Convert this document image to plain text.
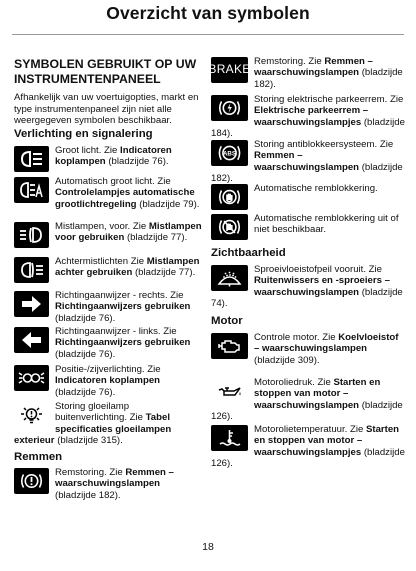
Overzicht van symbolen
SYMBOLEN GEBRUIKT OP UW
INSTRUMENTENPANEEL
Afhankelijk van uw voertuigopties, markt en type instrumentenpaneel zijn niet alle weergegeven symbolen beschikbaar.
Verlichting en signalering
Groot licht. Zie Indicatoren koplampen (bladzijde 76).
Automatisch groot licht. Zie Controlelampjes automatische grootlichtregeling (bladzijde 79).
Mistlampen, voor. Zie Mistlampen voor gebruiken (bladzijde 77).
Achtermistlichten Zie Mistlampen achter gebruiken (bladzijde 77).
Richtingaanwijzer - rechts. Zie Richtingaanwijzers gebruiken (bladzijde 76).
Richtingaanwijzer - links. Zie Richtingaanwijzers gebruiken (bladzijde 76).
Positie-/zijverlichting. Zie Indicatoren koplampen (bladzijde 76).
Storing gloeilamp buitenverlichting. Zie Tabel specificaties gloeilampen exterieur (bladzijde 315).
Remmen
Remstoring. Zie Remmen – waarschuwingslampen (bladzijde 182).
BRAKE
Remstoring. Zie Remmen – waarschuwingslampen (bladzijde 182).
Storing elektrische parkeerrem. Zie Elektrische parkeerrem – waarschuwingslampjes (bladzijde 184).
ABS
Storing antiblokkeersysteem. Zie Remmen – waarschuwingslampen (bladzijde 182).
Automatische remblokkering.
Automatische remblokkering uit of niet beschikbaar.
Zichtbaarheid
Sproeivloeistofpeil vooruit. Zie Ruitenwissers en -sproeiers – waarschuwingslampen (bladzijde 74).
Motor
Controle motor. Zie Koelvloeistof – waarschuwingslampen (bladzijde 309).
Motoroliedruk. Zie Starten en stoppen van motor – waarschuwingslampen (bladzijde 126).
Motorolietemperatuur. Zie Starten en stoppen van motor – waarschuwingslampjes (bladzijde 126).
18
